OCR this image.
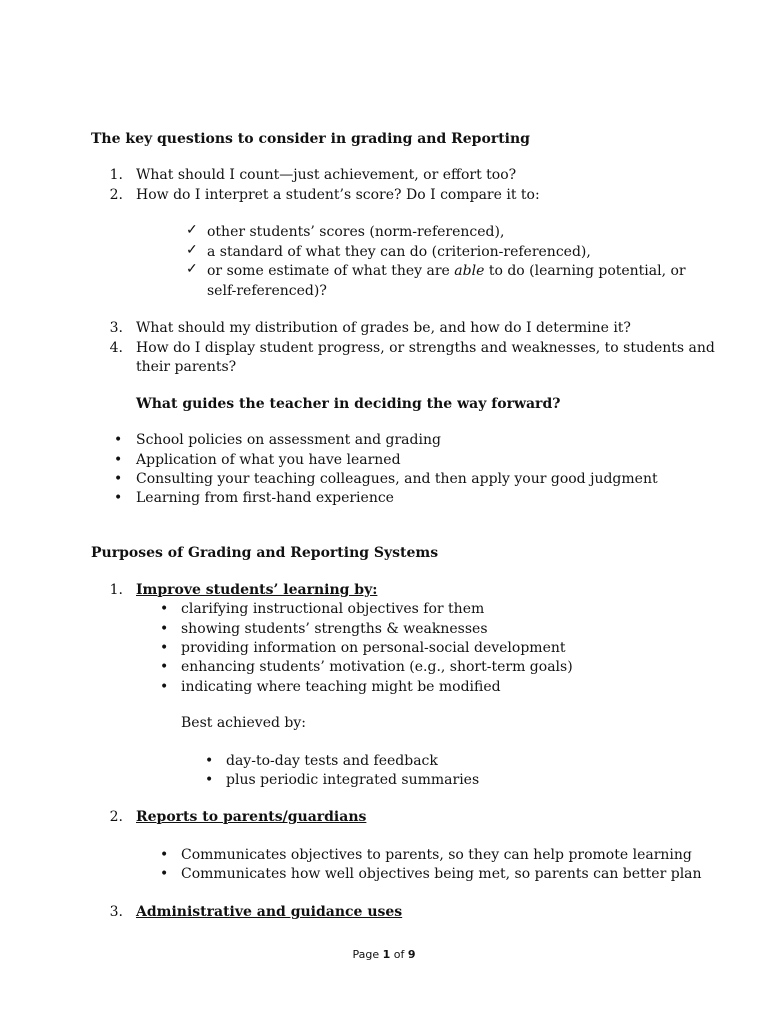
The key questions to consider in grading and Reporting
1. What should I count—just achievement, or effort too?
2. How do I interpret a student’s score? Do I compare it to:
✓ other students’ scores (norm-referenced),
✓ a standard of what they can do (criterion-referenced),
✓ or some estimate of what they are able to do (learning potential, or
self-referenced)?
3. What should my distribution of grades be, and how do I determine it?
4. How do I display student progress, or strengths and weaknesses, to students and
their parents?
What guides the teacher in deciding the way forward?
• School policies on assessment and grading
• Application of what you have learned
• Consulting your teaching colleagues, and then apply your good judgment
• Learning from first-hand experience
Purposes of Grading and Reporting Systems
1. Improve students’ learning by:
• clarifying instructional objectives for them
• showing students’ strengths & weaknesses
• providing information on personal-social development
• enhancing students’ motivation (e.g., short-term goals)
• indicating where teaching might be modified
Best achieved by:
• day-to-day tests and feedback
• plus periodic integrated summaries
2. Reports to parents/guardians
• Communicates objectives to parents, so they can help promote learning
• Communicates how well objectives being met, so parents can better plan
3. Administrative and guidance uses
Page 1 of 9
